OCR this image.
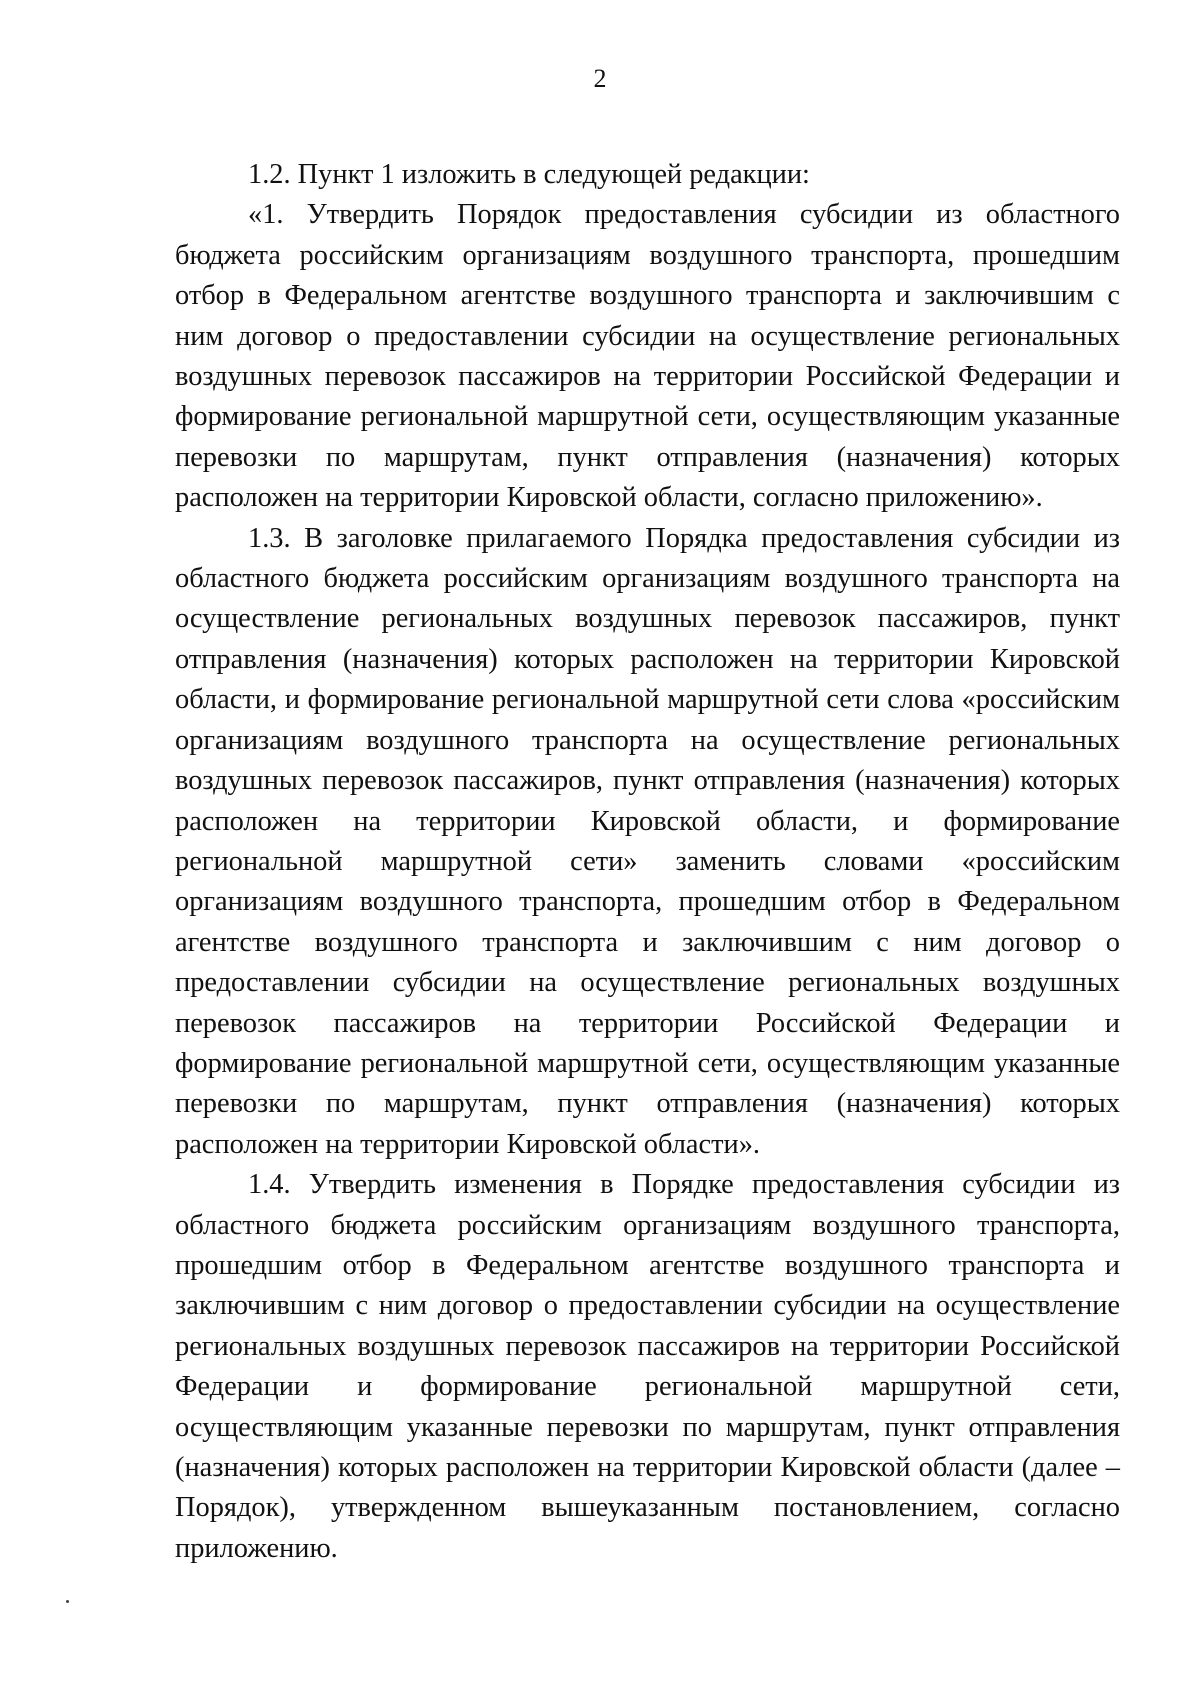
2

1.2. Пункт 1 изложить в следующей редакции:

«1. Утвердить Порядок предоставления субсидии из областного бюджета российским организациям воздушного транспорта, прошедшим отбор в Федеральном агентстве воздушного транспорта и заключившим с ним договор о предоставлении субсидии на осуществление региональных воздушных перевозок пассажиров на территории Российской Федерации и формирование региональной маршрутной сети, осуществляющим указанные перевозки по маршрутам, пункт отправления (назначения) которых расположен на территории Кировской области, согласно приложению».

1.3. В заголовке прилагаемого Порядка предоставления субсидии из областного бюджета российским организациям воздушного транспорта на осуществление региональных воздушных перевозок пассажиров, пункт отправления (назначения) которых расположен на территории Кировской области, и формирование региональной маршрутной сети слова «российским организациям воздушного транспорта на осуществление региональных воздушных перевозок пассажиров, пункт отправления (назначения) которых расположен на территории Кировской области, и формирование региональной маршрутной сети» заменить словами «российским организациям воздушного транспорта, прошедшим отбор в Федеральном агентстве воздушного транспорта и заключившим с ним договор о предоставлении субсидии на осуществление региональных воздушных перевозок пассажиров на территории Российской Федерации и формирование региональной маршрутной сети, осуществляющим указанные перевозки по маршрутам, пункт отправления (назначения) которых расположен на территории Кировской области».

1.4. Утвердить изменения в Порядке предоставления субсидии из областного бюджета российским организациям воздушного транспорта, прошедшим отбор в Федеральном агентстве воздушного транспорта и заключившим с ним договор о предоставлении субсидии на осуществление региональных воздушных перевозок пассажиров на территории Российской Федерации и формирование региональной маршрутной сети, осуществляющим указанные перевозки по маршрутам, пункт отправления (назначения) которых расположен на территории Кировской области (далее – Порядок), утвержденном вышеуказанным постановлением, согласно приложению.
